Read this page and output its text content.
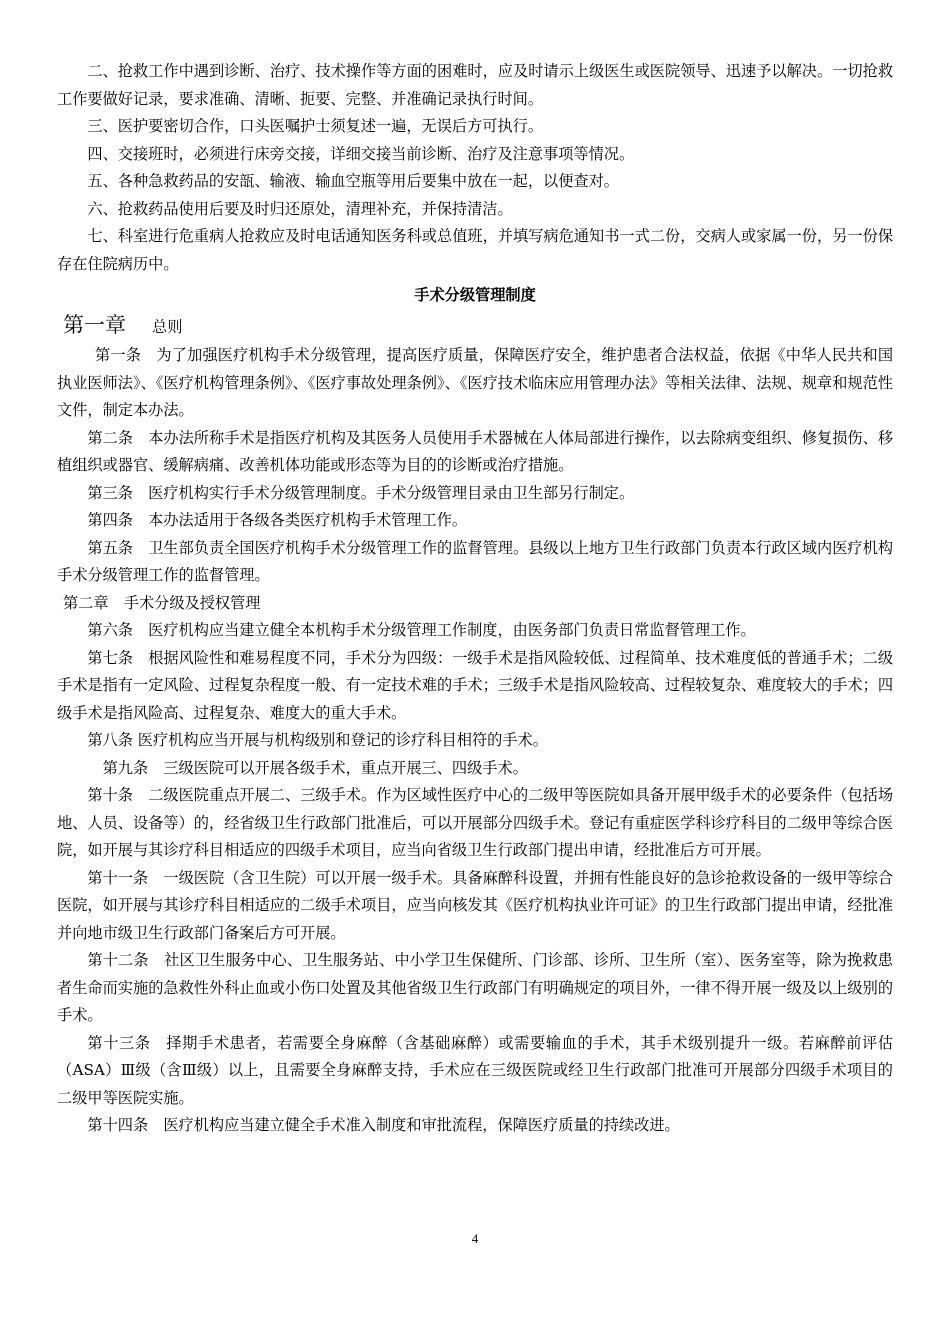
二、抢救工作中遇到诊断、治疗、技术操作等方面的困难时，应及时请示上级医生或医院领导、迅速予以解决。一切抢救工作要做好记录，要求准确、清晰、扼要、完整、并准确记录执行时间。

三、医护要密切合作，口头医嘱护士须复述一遍，无误后方可执行。

四、交接班时，必须进行床旁交接，详细交接当前诊断、治疗及注意事项等情况。

五、各种急救药品的安瓿、输液、输血空瓶等用后要集中放在一起，以便查对。

六、抢救药品使用后要及时归还原处，清理补充，并保持清洁。

七、科室进行危重病人抢救应及时电话通知医务科或总值班，并填写病危通知书一式二份，交病人或家属一份，另一份保存在住院病历中。

手术分级管理制度
第一章 总则

第一条　为了加强医疗机构手术分级管理，提高医疗质量，保障医疗安全，维护患者合法权益，依据《中华人民共和国执业医师法》、《医疗机构管理条例》、《医疗事故处理条例》、《医疗技术临床应用管理办法》等相关法律、法规、规章和规范性文件，制定本办法。

第二条　本办法所称手术是指医疗机构及其医务人员使用手术器械在人体局部进行操作，以去除病变组织、修复损伤、移植组织或器官、缓解病痛、改善机体功能或形态等为目的的诊断或治疗措施。

第三条　医疗机构实行手术分级管理制度。手术分级管理目录由卫生部另行制定。

第四条　本办法适用于各级各类医疗机构手术管理工作。

第五条　卫生部负责全国医疗机构手术分级管理工作的监督管理。县级以上地方卫生行政部门负责本行政区域内医疗机构手术分级管理工作的监督管理。

第二章　手术分级及授权管理

第六条　医疗机构应当建立健全本机构手术分级管理工作制度，由医务部门负责日常监督管理工作。

第七条　根据风险性和难易程度不同，手术分为四级：一级手术是指风险较低、过程简单、技术难度低的普通手术；二级手术是指有一定风险、过程复杂程度一般、有一定技术难的手术；三级手术是指风险较高、过程较复杂、难度较大的手术；四级手术是指风险高、过程复杂、难度大的重大手术。

第八条 医疗机构应当开展与机构级别和登记的诊疗科目相符的手术。

第九条　三级医院可以开展各级手术，重点开展三、四级手术。

第十条　二级医院重点开展二、三级手术。作为区域性医疗中心的二级甲等医院如具备开展甲级手术的必要条件（包括场地、人员、设备等）的，经省级卫生行政部门批准后，可以开展部分四级手术。登记有重症医学科诊疗科目的二级甲等综合医院，如开展与其诊疗科目相适应的四级手术项目，应当向省级卫生行政部门提出申请，经批准后方可开展。

第十一条　一级医院（含卫生院）可以开展一级手术。具备麻醉科设置，并拥有性能良好的急诊抢救设备的一级甲等综合医院，如开展与其诊疗科目相适应的二级手术项目，应当向核发其《医疗机构执业许可证》的卫生行政部门提出申请，经批准并向地市级卫生行政部门备案后方可开展。

第十二条　社区卫生服务中心、卫生服务站、中小学卫生保健所、门诊部、诊所、卫生所（室）、医务室等，除为挽救患者生命而实施的急救性外科止血或小伤口处置及其他省级卫生行政部门有明确规定的项目外，一律不得开展一级及以上级别的手术。

第十三条　择期手术患者，若需要全身麻醉（含基础麻醉）或需要输血的手术，其手术级别提升一级。若麻醉前评估（ASA）Ⅲ级（含Ⅲ级）以上，且需要全身麻醉支持，手术应在三级医院或经卫生行政部门批准可开展部分四级手术项目的二级甲等医院实施。

第十四条　医疗机构应当建立健全手术准入制度和审批流程，保障医疗质量的持续改进。

4
